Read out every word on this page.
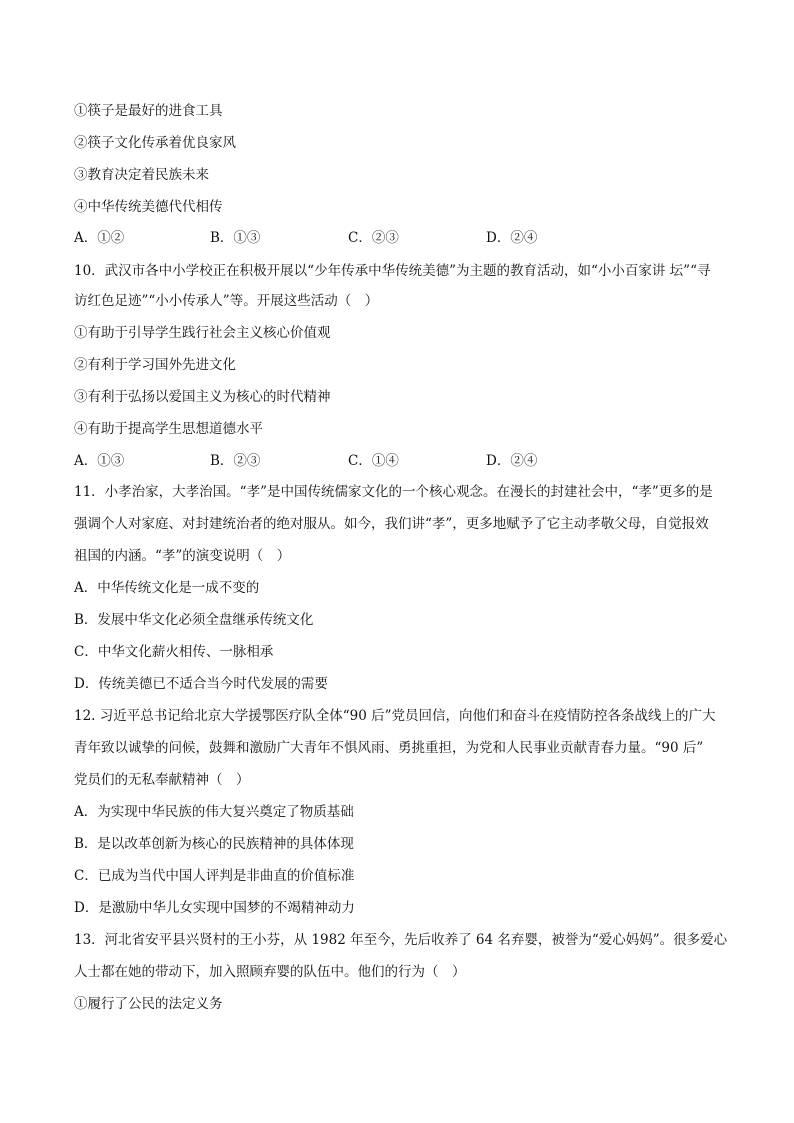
①筷子是最好的进食工具
②筷子文化传承着优良家风
③教育决定着民族未来
④中华传统美德代代相传
A．①②	B．①③	C．②③	D．②④
10．武汉市各中小学校正在积极开展以“少年传承中华传统美德”为主题的教育活动，如“小小百家讲 坛”“寻
访红色足迹”“小小传承人”等。开展这些活动（　）
①有助于引导学生践行社会主义核心价值观
②有利于学习国外先进文化
③有利于弘扬以爱国主义为核心的时代精神
④有助于提高学生思想道德水平
A．①③	B．②③	C．①④	D．②④
11．小孝治家，大孝治国。“孝”是中国传统儒家文化的一个核心观念。在漫长的封建社会中，“孝”更多的是
强调个人对家庭、对封建统治者的绝对服从。如今，我们讲“孝”，更多地赋予了它主动孝敬父母，自觉报效
祖国的内涵。“孝”的演变说明（　）
A．中华传统文化是一成不变的
B．发展中华文化必须全盘继承传统文化
C．中华文化薪火相传、一脉相承
D．传统美德已不适合当今时代发展的需要
12. 习近平总书记给北京大学援鄂医疗队全体“90 后”党员回信，向他们和奋斗在疫情防控各条战线上的广大
青年致以诚挚的问候，鼓舞和激励广大青年不惧风雨、勇挑重担，为党和人民事业贡献青春力量。“90 后”
党员们的无私奉献精神（　）
A．为实现中华民族的伟大复兴奠定了物质基础
B．是以改革创新为核心的民族精神的具体体现
C．已成为当代中国人评判是非曲直的价值标准
D．是激励中华儿女实现中国梦的不竭精神动力
13．河北省安平县兴贤村的王小芬，从 1982 年至今，先后收养了 64 名弃婴，被誉为“爱心妈妈”。很多爱心
人士都在她的带动下，加入照顾弃婴的队伍中。他们的行为（　）
①履行了公民的法定义务
